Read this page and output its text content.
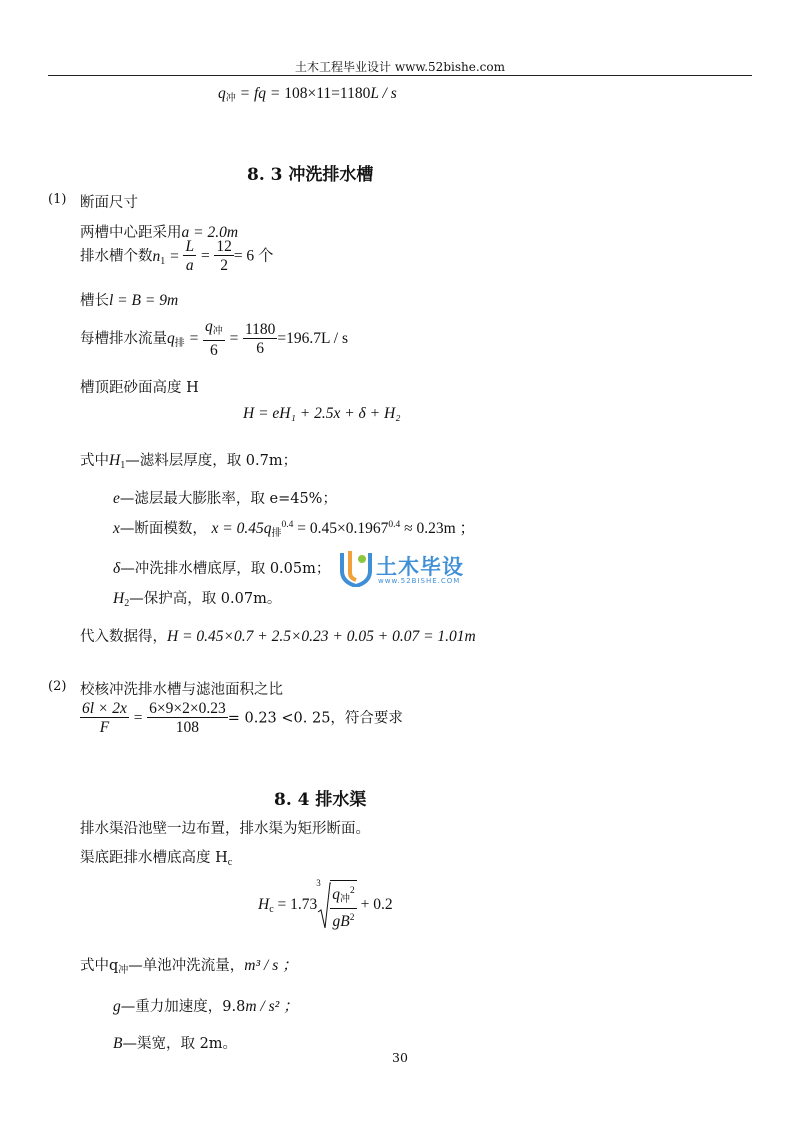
土木工程毕业设计 www.52bishe.com
$q_冲$ = fq = 108×11=1180L / s
8. 3 冲洗排水槽
(1) 断面尺寸
两槽中心距采用a = 2.0m
排水槽个数$n_1 = \frac{L}{a} = \frac{12}{2} = 6$ 个
槽长l = B = 9m
每槽排水流量$q_排 = \frac{q_冲}{6} = \frac{1180}{6} =196.7L / s$
槽顶距砂面高度 H
H = eH₁ + 2.5x + δ + H₂
式中$H_1—$滤料层厚度，取 0.7m；
e—滤层最大膨胀率，取 e=45%；
x—断面模数， $x = 0.45q_排^{0.4} = 0.45\times 0.1967^{0.4} \approx 0.23m$ ；
δ—冲洗排水槽底厚，取 0.05m；
$H_2—$保护高，取 0.07m。
代入数据得，H = 0.45×0.7 + 2.5×0.23 + 0.05 + 0.07 = 1.01m
(2) 校核冲洗排水槽与滤池面积之比
$\frac{6l \times 2x}{F} = \frac{6\times 9\times 2\times 0.23}{108} = 0.23 <0$. 25，符合要求
土木毕设
www.52BISHE.COM
8. 4 排水渠
排水渠沿池壁一边布置，排水渠为矩形断面。
渠底距排水槽底高度 $H_c$
$H_c = 1.73$
$3 \frac{q_冲^2}{gB^2} + 0.2$
式中$q_冲—$单池冲洗流量，m³ / s ；
g—重力加速度，9.8m / s² ；
B—渠宽，取 2m。
30
